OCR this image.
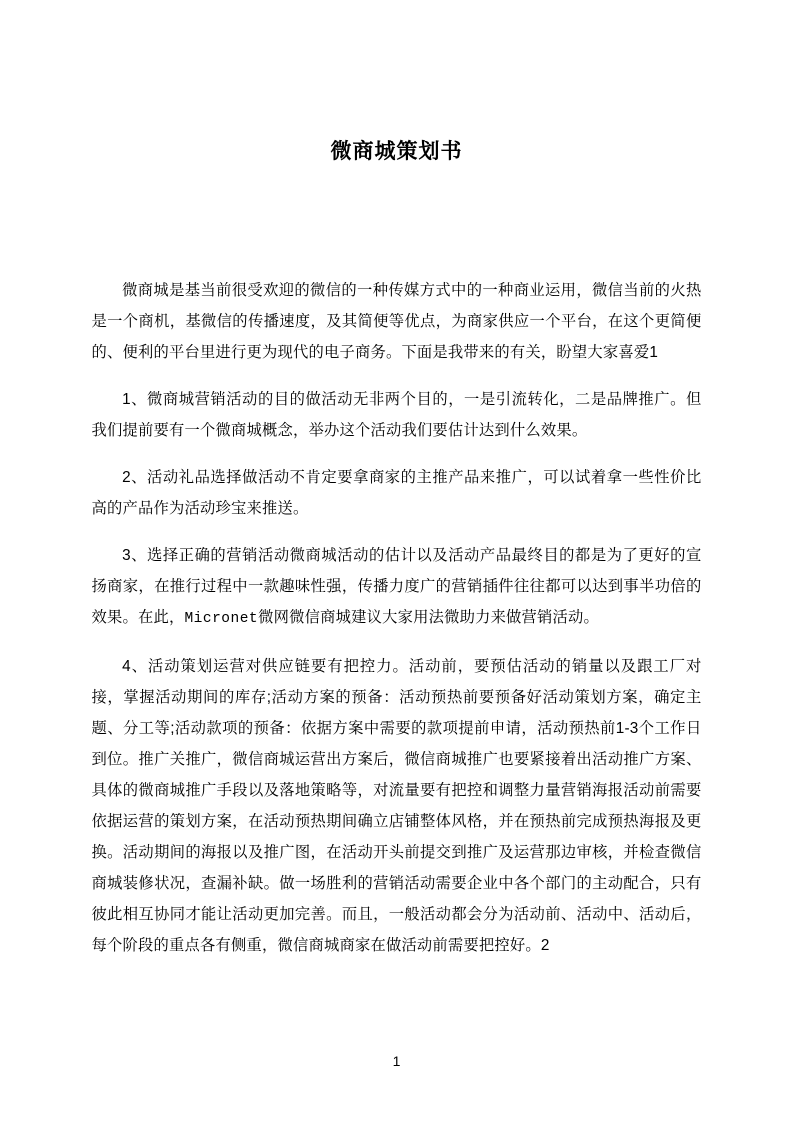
微商城策划书

微商城是基当前很受欢迎的微信的一种传媒方式中的一种商业运用，微信当前的火热是一个商机，基微信的传播速度，及其简便等优点，为商家供应一个平台，在这个更简便的、便利的平台里进行更为现代的电子商务。下面是我带来的有关，盼望大家喜爱1

1、微商城营销活动的目的做活动无非两个目的，一是引流转化，二是品牌推广。但我们提前要有一个微商城概念，举办这个活动我们要估计达到什么效果。

2、活动礼品选择做活动不肯定要拿商家的主推产品来推广，可以试着拿一些性价比高的产品作为活动珍宝来推送。

3、选择正确的营销活动微商城活动的估计以及活动产品最终目的都是为了更好的宣扬商家，在推行过程中一款趣味性强，传播力度广的营销插件往往都可以达到事半功倍的效果。在此，Micronet微网微信商城建议大家用法微助力来做营销活动。

4、活动策划运营对供应链要有把控力。活动前，要预估活动的销量以及跟工厂对接，掌握活动期间的库存;活动方案的预备：活动预热前要预备好活动策划方案，确定主题、分工等;活动款项的预备：依据方案中需要的款项提前申请，活动预热前1-3个工作日到位。推广关推广，微信商城运营出方案后，微信商城推广也要紧接着出活动推广方案、具体的微商城推广手段以及落地策略等，对流量要有把控和调整力量营销海报活动前需要依据运营的策划方案，在活动预热期间确立店铺整体风格，并在预热前完成预热海报及更换。活动期间的海报以及推广图，在活动开头前提交到推广及运营那边审核，并检查微信商城装修状况，查漏补缺。做一场胜利的营销活动需要企业中各个部门的主动配合，只有彼此相互协同才能让活动更加完善。而且，一般活动都会分为活动前、活动中、活动后，每个阶段的重点各有侧重，微信商城商家在做活动前需要把控好。2

1
